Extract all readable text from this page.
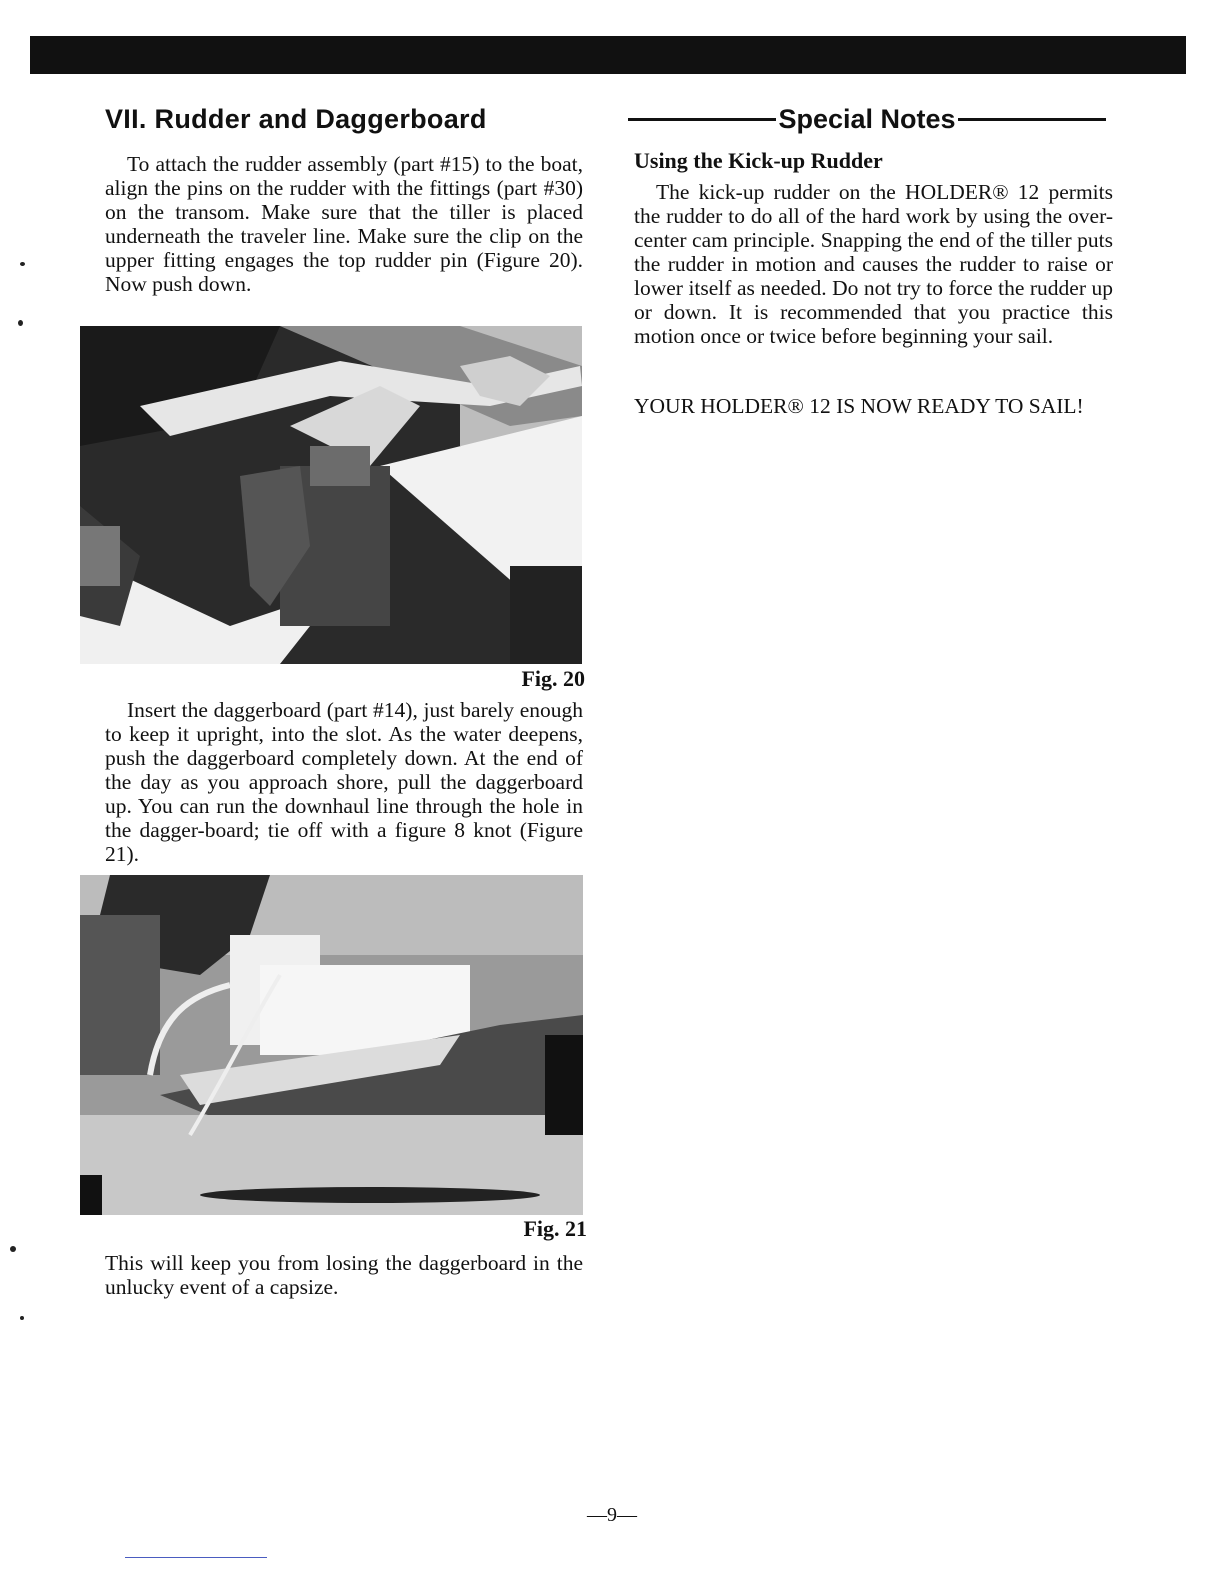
VII. Rudder and Daggerboard

To attach the rudder assembly (part #15) to the boat, align the pins on the rudder with the fittings (part #30) on the transom. Make sure that the tiller is placed underneath the traveler line. Make sure the clip on the upper fitting engages the top rudder pin (Figure 20). Now push down.

Fig. 20

Insert the daggerboard (part #14), just barely enough to keep it upright, into the slot. As the water deepens, push the daggerboard completely down. At the end of the day as you approach shore, pull the daggerboard up. You can run the downhaul line through the hole in the dagger-board; tie off with a figure 8 knot (Figure 21).

Fig. 21

This will keep you from losing the daggerboard in the unlucky event of a capsize.

Special Notes
Using the Kick-up Rudder

The kick-up rudder on the HOLDER® 12 permits the rudder to do all of the hard work by using the over-center cam principle. Snapping the end of the tiller puts the rudder in motion and causes the rudder to raise or lower itself as needed. Do not try to force the rudder up or down. It is recommended that you practice this motion once or twice before beginning your sail.

YOUR HOLDER® 12 IS NOW READY TO SAIL!

—9—
